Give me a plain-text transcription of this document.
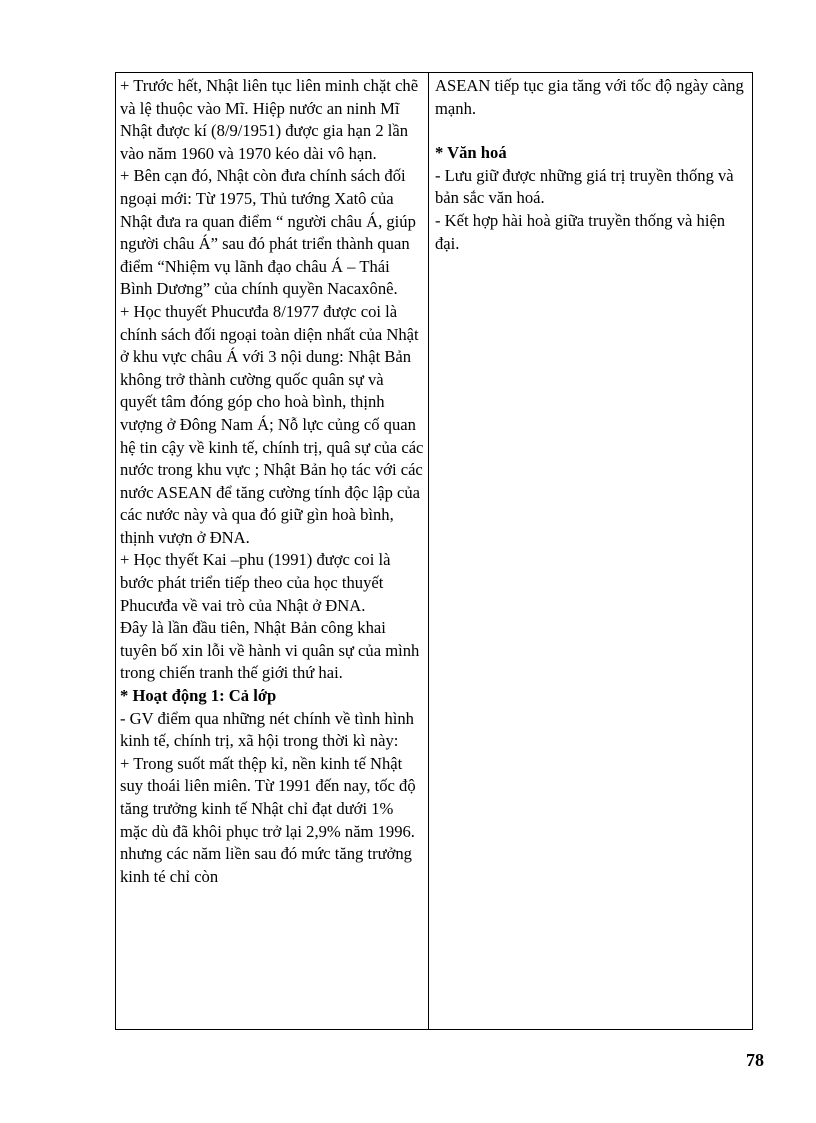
+ Trước hết, Nhật liên tục liên minh chặt chẽ và lệ thuộc vào Mĩ. Hiệp nước an ninh Mĩ Nhật được kí (8/9/1951) được gia hạn 2 lần vào năm 1960 và 1970 kéo dài vô hạn.

+ Bên cạn đó, Nhật còn đưa chính sách đối ngoại mới: Từ 1975, Thủ tướng Xatô của Nhật đưa ra quan điểm “ người châu Á, giúp người châu Á” sau đó phát triển thành quan điểm “Nhiệm vụ lãnh đạo châu Á – Thái Bình Dương” của chính quyền Nacaxônê.

+ Học thuyết Phucưđa 8/1977 được coi là chính sách đối ngoại toàn diện nhất của Nhật ở khu vực châu Á với 3 nội dung: Nhật Bản không trở thành cường quốc quân sự và quyết tâm đóng góp cho hoà bình, thịnh vượng ở Đông Nam Á; Nỗ lực củng cố quan hệ tin cậy về kinh tế, chính trị, quâ sự của các nước trong khu vực ; Nhật Bản họ tác với các nước ASEAN để tăng cường tính độc lập của các nước này và qua đó giữ gìn hoà bình, thịnh vượn ở ĐNA.

+ Học thyết Kai –phu (1991) được coi là bước phát triển tiếp theo của học thuyết Phucưđa về vai trò của Nhật ở ĐNA.

Đây là lần đầu tiên, Nhật Bản công khai tuyên bố xin lỗi về hành vi quân sự của mình trong chiến tranh thế giới thứ hai.

* Hoạt động 1: Cả lớp

- GV điểm qua những nét chính về tình hình kinh tế, chính trị, xã hội trong thời kì này:

+ Trong suốt mất thệp kỉ, nền kinh tế Nhật suy thoái liên miên. Từ 1991 đến nay, tốc độ tăng trưởng kinh tế Nhật chỉ đạt dưới 1% mặc dù đã khôi phục trở lại 2,9% năm 1996. nhưng các năm liền sau đó mức tăng trưởng kinh té chỉ còn

ASEAN tiếp tục gia tăng với tốc độ ngày càng mạnh.

* Văn hoá

- Lưu giữ được những giá trị truyền thống và bản sắc văn hoá.

- Kết hợp hài hoà giữa truyền thống và hiện đại.

78
